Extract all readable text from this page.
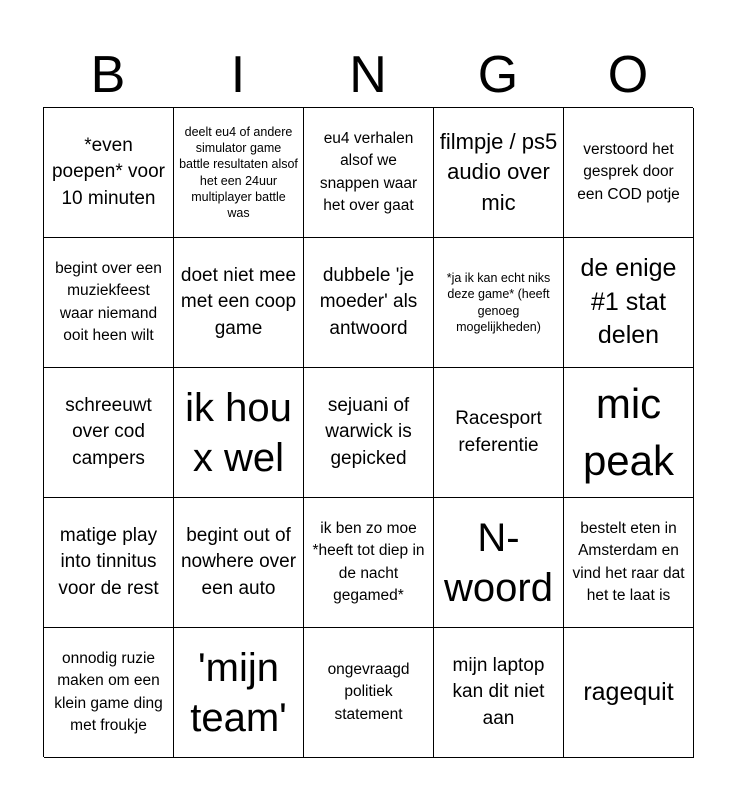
B	I	N	G	O
*even poepen* voor 10 minuten
deelt eu4 of andere simulator game battle resultaten alsof het een 24uur multiplayer battle was
eu4 verhalen alsof we snappen waar het over gaat
filmpje / ps5 audio over mic
verstoord het gesprek door een COD potje
begint over een muziekfeest waar niemand ooit heen wilt
doet niet mee met een coop game
dubbele 'je moeder' als antwoord
*ja ik kan echt niks deze game* (heeft genoeg mogelijkheden)
de enige #1 stat delen
schreeuwt over cod campers
ik hou x wel
sejuani of warwick is gepicked
Racesport referentie
mic peak
matige play into tinnitus voor de rest
begint out of nowhere over een auto
ik ben zo moe *heeft tot diep in de nacht gegamed*
N-woord
bestelt eten in Amsterdam en vind het raar dat het te laat is
onnodig ruzie maken om een klein game ding met froukje
'mijn team'
ongevraagd politiek statement
mijn laptop kan dit niet aan
ragequit
